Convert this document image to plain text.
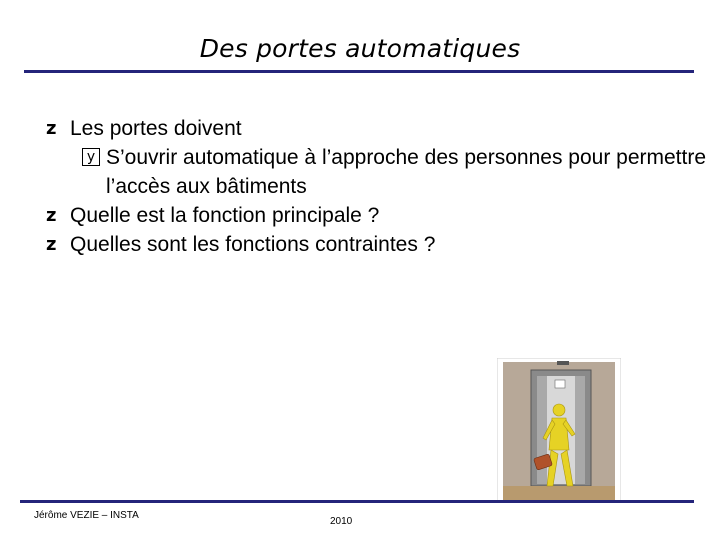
Des portes automatiques
z Les portes doivent
y S’ouvrir automatique à l’approche des personnes pour permettre l’accès aux bâtiments
z Quelle est la fonction principale ?
z Quelles sont les fonctions contraintes ?
Jérôme VEZIE – INSTA
2010
